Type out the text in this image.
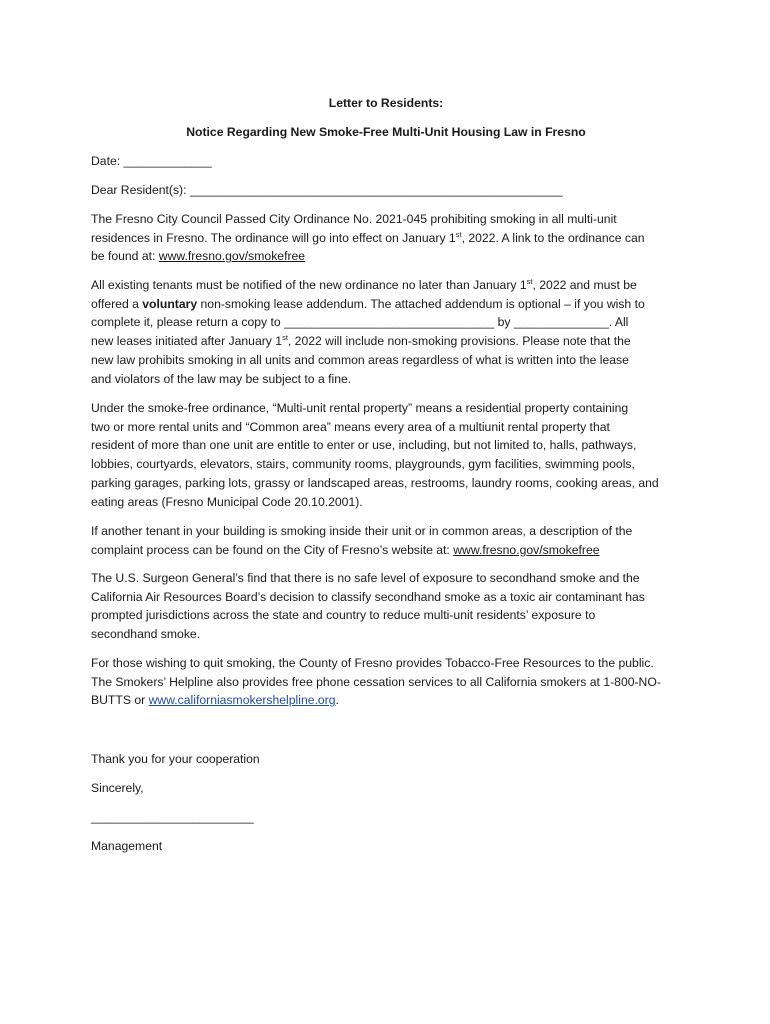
Letter to Residents:
Notice Regarding New Smoke-Free Multi-Unit Housing Law in Fresno
Date: _____________
Dear Resident(s): _______________________________________________________
The Fresno City Council Passed City Ordinance No. 2021-045 prohibiting smoking in all multi-unit
residences in Fresno. The ordinance will go into effect on January 1st, 2022. A link to the ordinance can
be found at: www.fresno.gov/smokefree
All existing tenants must be notified of the new ordinance no later than January 1st, 2022 and must be
offered a voluntary non-smoking lease addendum. The attached addendum is optional – if you wish to
complete it, please return a copy to _______________________________ by ______________. All
new leases initiated after January 1st, 2022 will include non-smoking provisions. Please note that the
new law prohibits smoking in all units and common areas regardless of what is written into the lease
and violators of the law may be subject to a fine.
Under the smoke-free ordinance, “Multi-unit rental property” means a residential property containing
two or more rental units and “Common area” means every area of a multiunit rental property that
resident of more than one unit are entitle to enter or use, including, but not limited to, halls, pathways,
lobbies, courtyards, elevators, stairs, community rooms, playgrounds, gym facilities, swimming pools,
parking garages, parking lots, grassy or landscaped areas, restrooms, laundry rooms, cooking areas, and
eating areas (Fresno Municipal Code 20.10.2001).
If another tenant in your building is smoking inside their unit or in common areas, a description of the
complaint process can be found on the City of Fresno’s website at: www.fresno.gov/smokefree
The U.S. Surgeon General’s find that there is no safe level of exposure to secondhand smoke and the
California Air Resources Board’s decision to classify secondhand smoke as a toxic air contaminant has
prompted jurisdictions across the state and country to reduce multi-unit residents’ exposure to
secondhand smoke.
For those wishing to quit smoking, the County of Fresno provides Tobacco-Free Resources to the public.
The Smokers’ Helpline also provides free phone cessation services to all California smokers at 1-800-NO-
BUTTS or www.californiasmokershelpline.org.
Thank you for your cooperation
Sincerely,
________________________
Management
